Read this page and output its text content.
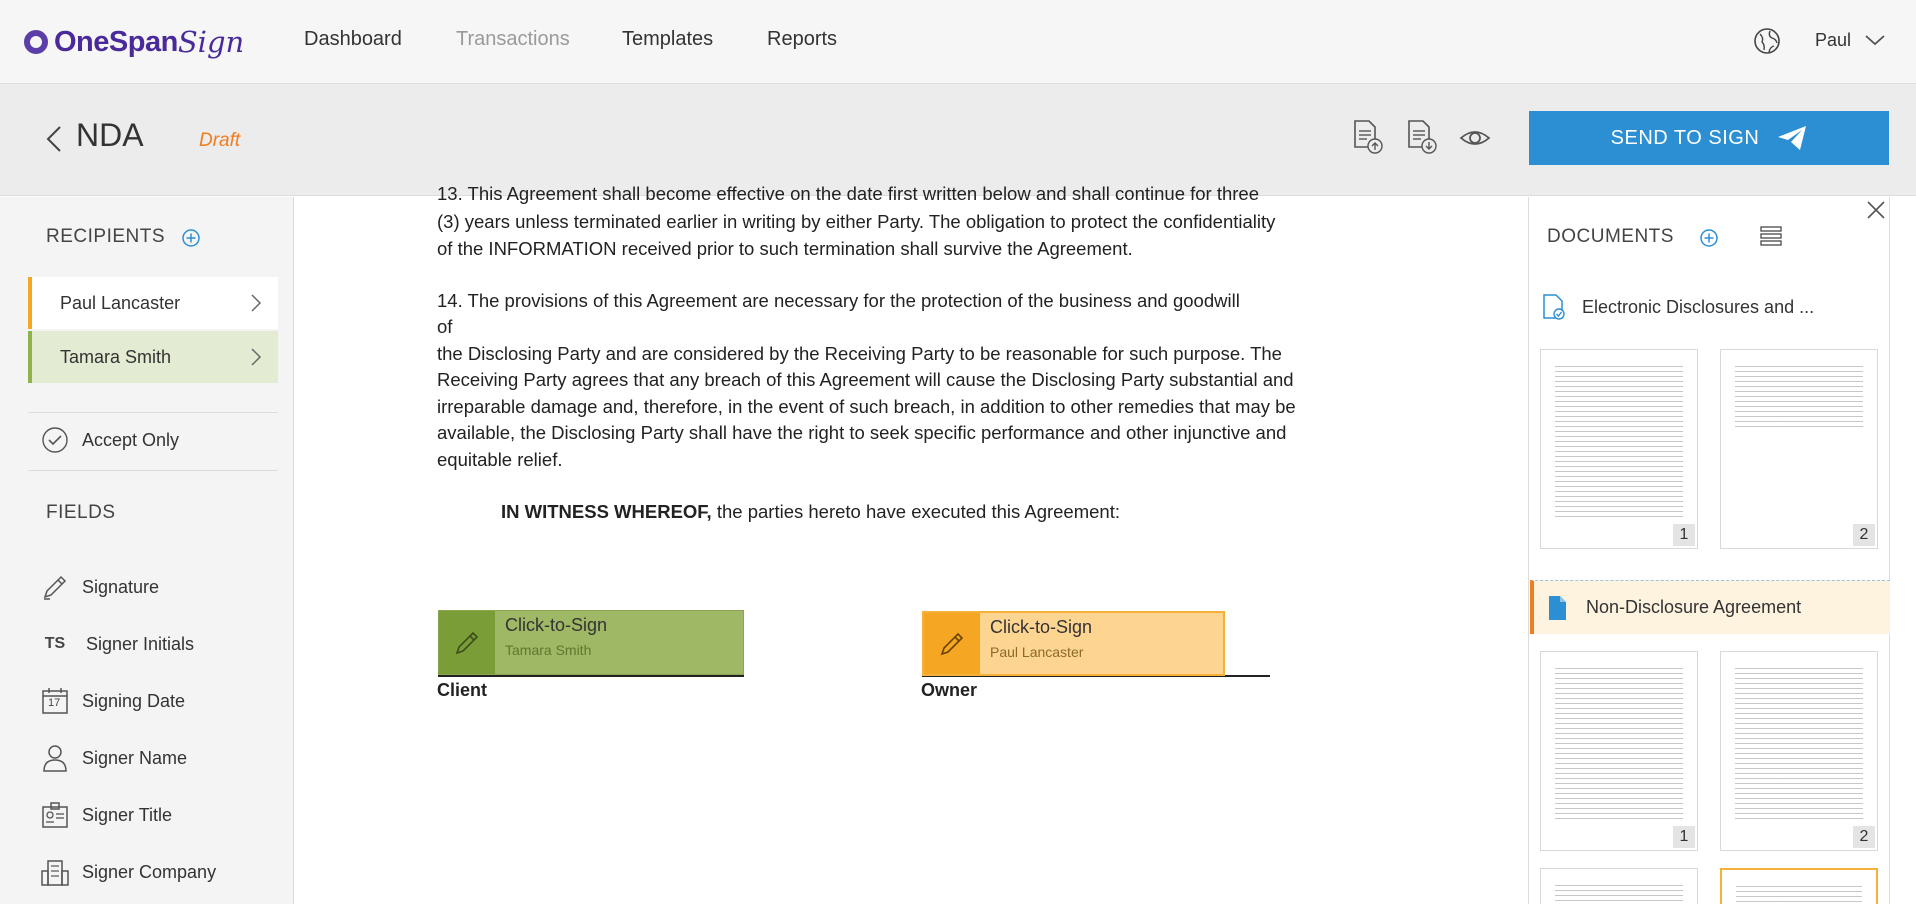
OneSpan Sign	Dashboard	Transactions	Templates	Reports	Paul
NDA	Draft	SEND TO SIGN
RECIPIENTS
Paul Lancaster
Tamara Smith
Accept Only
FIELDS
Signature
TS Signer Initials
17 Signing Date
Signer Name
Signer Title
Signer Company
13. This Agreement shall become effective on the date first written below and shall continue for three
(3) years unless terminated earlier in writing by either Party. The obligation to protect the confidentiality
of the INFORMATION received prior to such termination shall survive the Agreement.
14. The provisions of this Agreement are necessary for the protection of the business and goodwill
of
the Disclosing Party and are considered by the Receiving Party to be reasonable for such purpose. The
Receiving Party agrees that any breach of this Agreement will cause the Disclosing Party substantial and
irreparable damage and, therefore, in the event of such breach, in addition to other remedies that may be
available, the Disclosing Party shall have the right to seek specific performance and other injunctive and
equitable relief.
IN WITNESS WHEREOF, the parties hereto have executed this Agreement:
Click-to-Sign
Tamara Smith
Client
Click-to-Sign
Paul Lancaster
Owner
DOCUMENTS
Electronic Disclosures and ...
1	2
Non-Disclosure Agreement
1	2
